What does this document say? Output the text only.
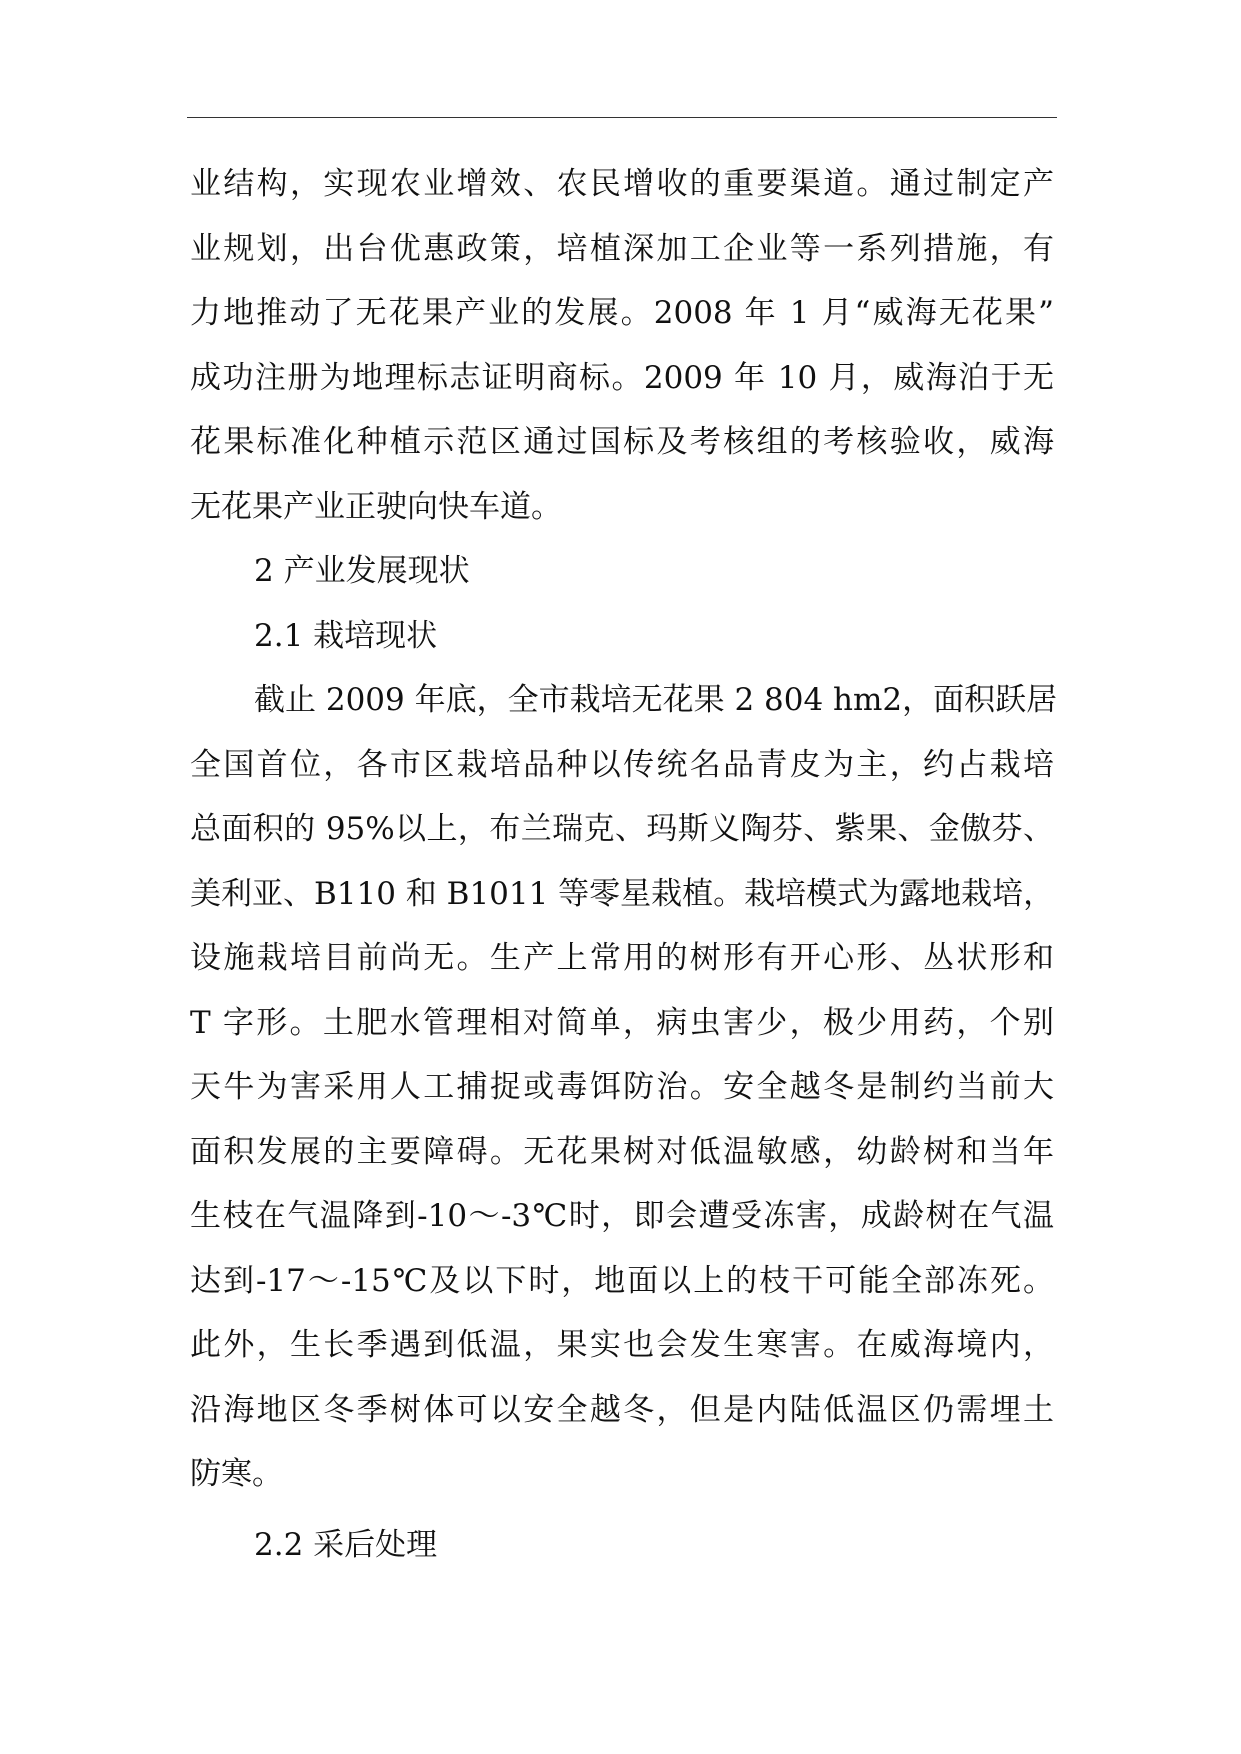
业结构，实现农业增效、农民增收的重要渠道。通过制定产
业规划，出台优惠政策，培植深加工企业等一系列措施，有
力地推动了无花果产业的发展。2008 年 1 月“威海无花果”
成功注册为地理标志证明商标。2009 年 10 月，威海泊于无
花果标准化种植示范区通过国标及考核组的考核验收，威海
无花果产业正驶向快车道。
2 产业发展现状
2.1 栽培现状
截止 2009 年底，全市栽培无花果 2 804 hm2，面积跃居
全国首位，各市区栽培品种以传统名品青皮为主，约占栽培
总面积的 95%以上，布兰瑞克、玛斯义陶芬、紫果、金傲芬、
美利亚、B110 和 B1011 等零星栽植。栽培模式为露地栽培，
设施栽培目前尚无。生产上常用的树形有开心形、丛状形和
T 字形。土肥水管理相对简单，病虫害少，极少用药，个别
天牛为害采用人工捕捉或毒饵防治。安全越冬是制约当前大
面积发展的主要障碍。无花果树对低温敏感，幼龄树和当年
生枝在气温降到-10～-3℃时，即会遭受冻害，成龄树在气温
达到-17～-15℃及以下时，地面以上的枝干可能全部冻死。
此外，生长季遇到低温，果实也会发生寒害。在威海境内，
沿海地区冬季树体可以安全越冬，但是内陆低温区仍需埋土
防寒。
2.2 采后处理
